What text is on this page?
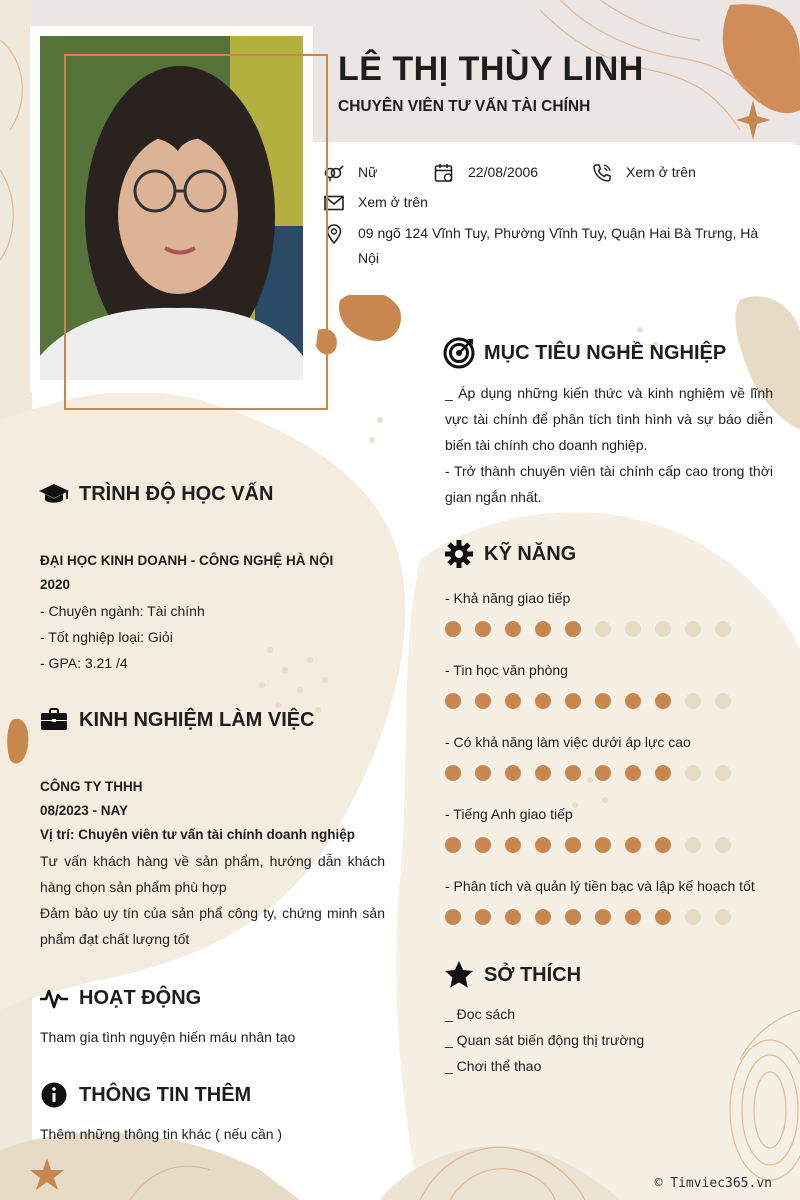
LÊ THỊ THÙY LINH
CHUYÊN VIÊN TƯ VẤN TÀI CHÍNH
Nữ	22/08/2006	Xem ở trên
Xem ở trên
09 ngõ 124 Vĩnh Tuy, Phường Vĩnh Tuy, Quận Hai Bà Trưng, Hà
Nội
TRÌNH ĐỘ HỌC VẤN
ĐẠI HỌC KINH DOANH - CÔNG NGHỆ HÀ NỘI
2020
- Chuyên ngành: Tài chính
- Tốt nghiệp loại: Giỏi
- GPA: 3.21 /4
KINH NGHIỆM LÀM VIỆC
CÔNG TY THHH
08/2023 - NAY
Vị trí: Chuyên viên tư vấn tài chính doanh nghiệp
Tư vấn khách hàng về sản phẩm, hướng dẫn khách hàng chọn sản phẩm phù hợp
Đảm bảo uy tín của sản phẩ công ty, chứng minh sản phẩm đạt chất lượng tốt
HOẠT ĐỘNG
Tham gia tình nguyện hiến máu nhân tạo
THÔNG TIN THÊM
Thêm những thông tin khác ( nếu cần )
MỤC TIÊU NGHỀ NGHIỆP
_ Áp dụng những kiến thức và kinh nghiệm về lĩnh vực tài chính để phân tích tình hình và sự báo diễn biến tài chính cho doanh nghiệp.
- Trở thành chuyên viên tài chính cấp cao trong thời gian ngắn nhất.
KỸ NĂNG
- Khả năng giao tiếp
- Tin học văn phòng
- Có khả năng làm việc dưới áp lực cao
- Tiếng Anh giao tiếp
- Phân tích và quản lý tiền bạc và lập kế hoạch tốt
SỞ THÍCH
_ Đọc sách
_ Quan sát biến động thị trường
_ Chơi thể thao
© Timviec365.vn
